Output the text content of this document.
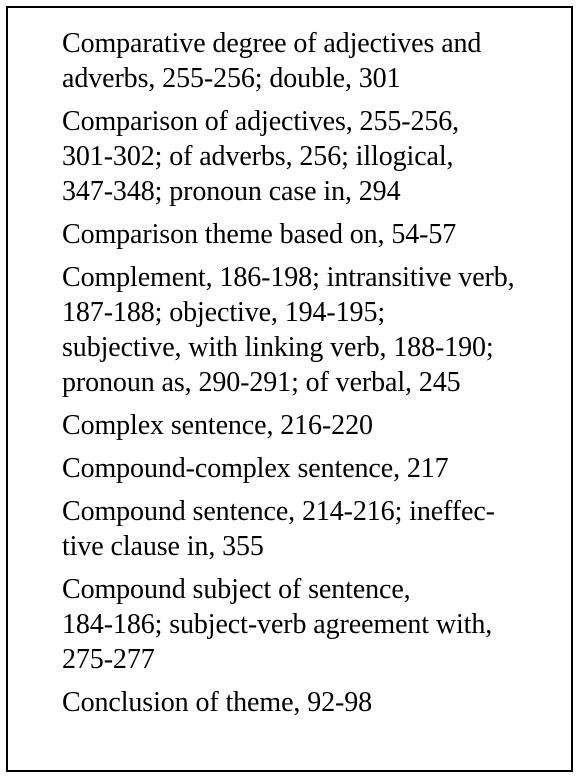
Comparative degree of adjectives and
adverbs, 255-256; double, 301
Comparison of adjectives, 255-256,
301-302; of adverbs, 256; illogical,
347-348; pronoun case in, 294
Comparison theme based on, 54-57
Complement, 186-198; intransitive verb,
187-188; objective, 194-195;
subjective, with linking verb, 188-190;
pronoun as, 290-291; of verbal, 245
Complex sentence, 216-220
Compound-complex sentence, 217
Compound sentence, 214-216; ineffec-
tive clause in, 355
Compound subject of sentence,
184-186; subject-verb agreement with,
275-277
Conclusion of theme, 92-98
